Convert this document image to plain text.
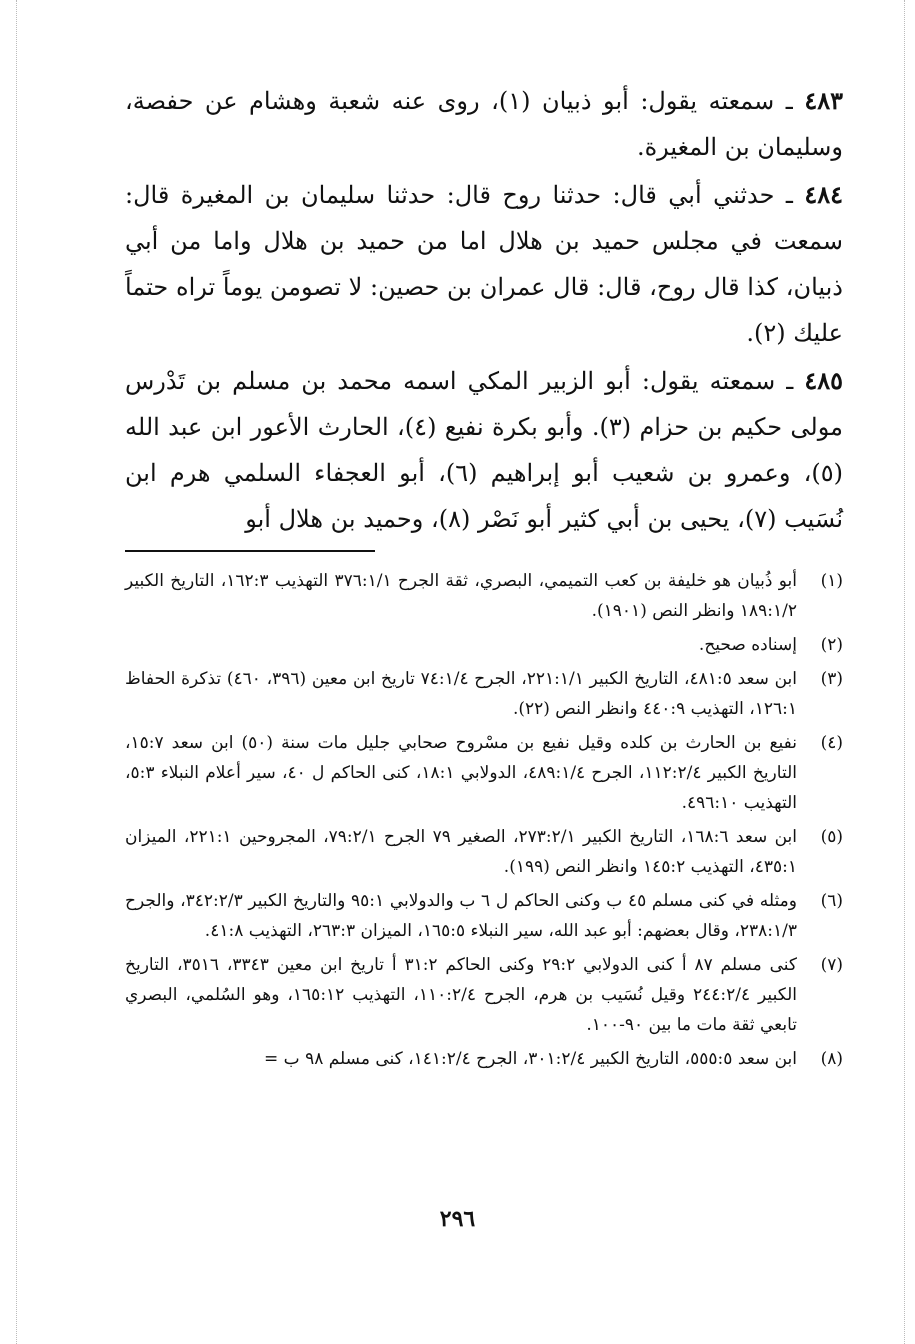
٤٨٣ ـ سمعته يقول: أبو ذبيان (١)، روى عنه شعبة وهشام عن حفصة، وسليمان بن المغيرة.

٤٨٤ ـ حدثني أبي قال: حدثنا روح قال: حدثنا سليمان بن المغيرة قال: سمعت في مجلس حميد بن هلال اما من حميد بن هلال واما من أبي ذبيان، كذا قال روح، قال: قال عمران بن حصين: لا تصومن يوماً تراه حتماً عليك (٢).

٤٨٥ ـ سمعته يقول: أبو الزبير المكي اسمه محمد بن مسلم بن تَدْرس مولى حكيم بن حزام (٣). وأبو بكرة نفيع (٤)، الحارث الأعور ابن عبد الله (٥)، وعمرو بن شعيب أبو إبراهيم (٦)، أبو العجفاء السلمي هرم ابن نُسَيب (٧)، يحيى بن أبي كثير أبو نَصْر (٨)، وحميد بن هلال أبو

(١)
أبو ذُبيان هو خليفة بن كعب التميمي، البصري، ثقة الجرح ٣٧٦:١/١ التهذيب ١٦٢:٣، التاريخ الكبير ١٨٩:١/٢ وانظر النص (١٩٠١).
(٢)
إسناده صحيح.
(٣)
ابن سعد ٤٨١:٥، التاريخ الكبير ٢٢١:١/١، الجرح ٧٤:١/٤ تاريخ ابن معين (٣٩٦، ٤٦٠) تذكرة الحفاظ ١٢٦:١، التهذيب ٤٤٠:٩ وانظر النص (٢٢).
(٤)
نفيع بن الحارث بن كلده وقيل نفيع بن مسْروح صحابي جليل مات سنة (٥٠) ابن سعد ١٥:٧، التاريخ الكبير ١١٢:٢/٤، الجرح ٤٨٩:١/٤، الدولابي ١٨:١، كنى الحاكم ل ٤٠، سير أعلام النبلاء ٥:٣، التهذيب ٤٩٦:١٠.
(٥)
ابن سعد ١٦٨:٦، التاريخ الكبير ٢٧٣:٢/١، الصغير ٧٩ الجرح ٧٩:٢/١، المجروحين ٢٢١:١، الميزان ٤٣٥:١، التهذيب ١٤٥:٢ وانظر النص (١٩٩).
(٦)
ومثله في كنى مسلم ٤٥ ب وكنى الحاكم ل ٦ ب والدولابي ٩٥:١ والتاريخ الكبير ٣٤٢:٢/٣، والجرح ٢٣٨:١/٣، وقال بعضهم: أبو عبد الله، سير النبلاء ١٦٥:٥، الميزان ٢٦٣:٣، التهذيب ٤١:٨.
(٧)
كنى مسلم ٨٧ أ كنى الدولابي ٢٩:٢ وكنى الحاكم ٣١:٢ أ تاريخ ابن معين ٣٣٤٣، ٣٥١٦، التاريخ الكبير ٢٤٤:٢/٤ وقيل نُسَيب بن هرم، الجرح ١١٠:٢/٤، التهذيب ١٦٥:١٢، وهو السُلمي، البصري تابعي ثقة مات ما بين ٩٠-١٠٠.
(٨)
ابن سعد ٥٥٥:٥، التاريخ الكبير ٣٠١:٢/٤، الجرح ١٤١:٢/٤، كنى مسلم ٩٨ ب =
٢٩٦
